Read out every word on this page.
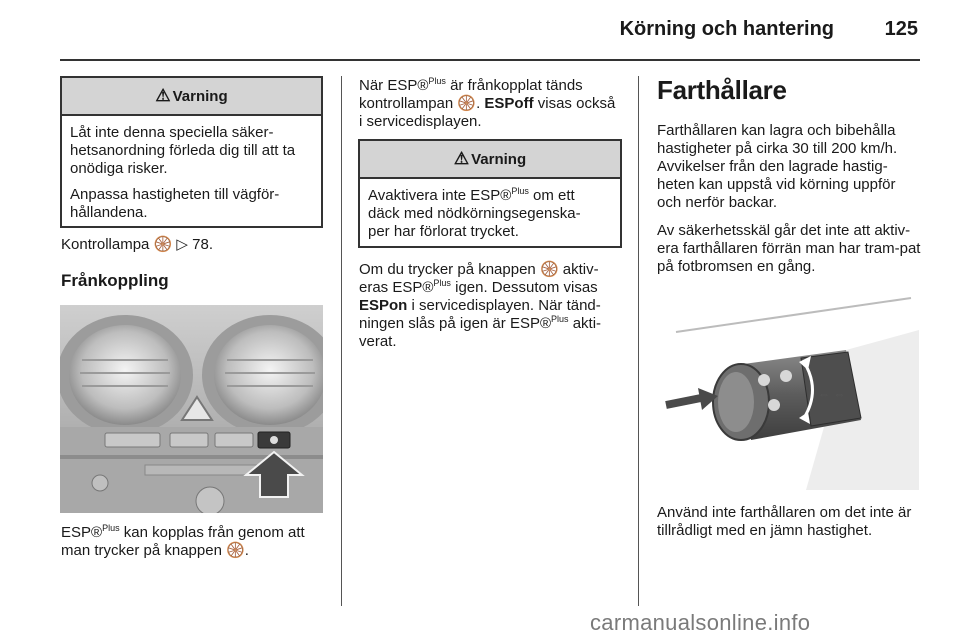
Körning och hantering	125
⚠ Varning

Låt inte denna speciella säker-hetsanordning förleda dig till att ta onödiga risker.

Anpassa hastigheten till vägför-hållandena.

Kontrollampa 🛞 ▷ 78.
Frånkoppling

ESP®$^{Plus}$ kan kopplas från genom att

man trycker på knappen 🛞.

När ESP®$^{Plus}$ är frånkopplat tänds

kontrollampan 🛞. ESPoff visas också

i servicedisplayen.

⚠ Varning
Avaktivera inte ESP®$^{Plus}$ om ett
däck med nödkörningsegenska-
per har förlorat trycket.

Om du trycker på knappen 🛞 aktiv-

eras ESP®$^{Plus}$ igen. Dessutom visas

ESPon i servicedisplayen. När tänd-

ningen slås på igen är ESP®$^{Plus}$ akti-

verat.

Farthållare
Farthållaren kan lagra och bibehålla hastigheter på cirka 30 till 200 km/h. Avvikelser från den lagrade hastig-heten kan uppstå vid körning uppför och nerför backar.
Av säkerhetsskäl går det inte att aktiv-era farthållaren förrän man har tram-pat på fotbromsen en gång.
⇔ ⇔
Använd inte farthållaren om det inte är tillrådligt med en jämn hastighet.
carmanualsonline.info
